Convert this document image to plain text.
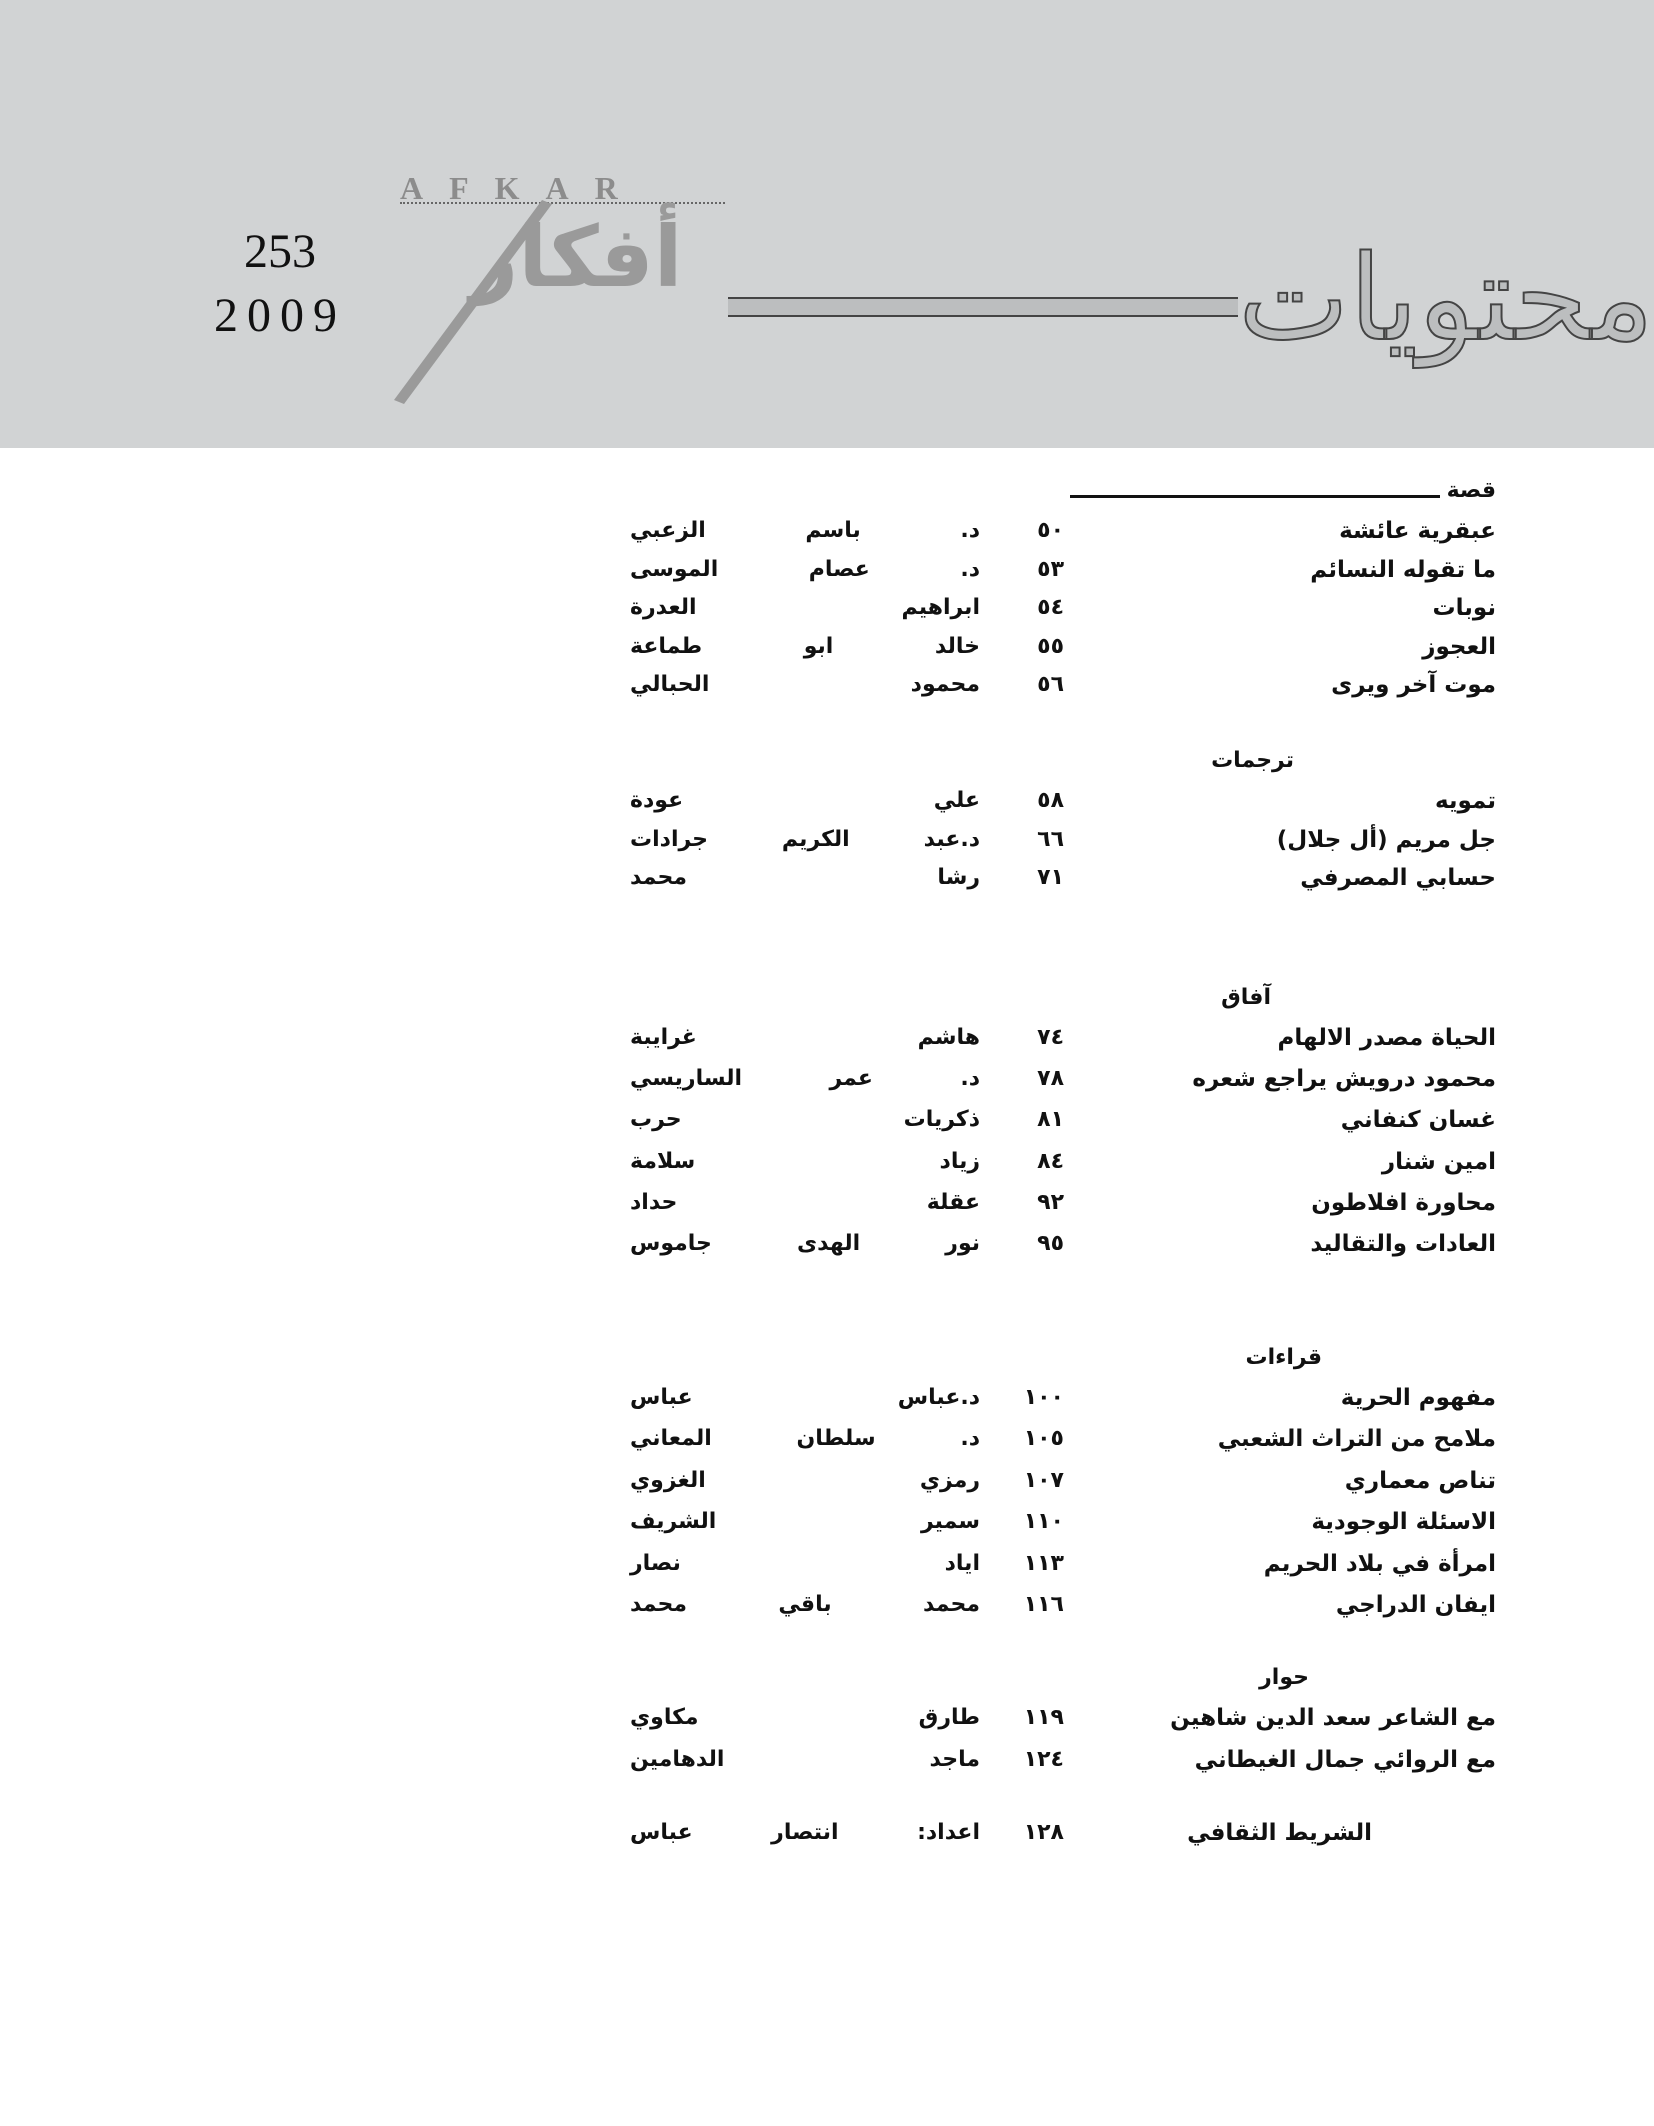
253
2009
AFKAR
أفكار	محتويات
قصة
عبقرية عائشة
٥٠
د. باسم الزعبي
ما تقوله النسائم
٥٣
د. عصام الموسى
نوبات
٥٤
ابراهيم العدرة
العجوز
٥٥
خالد ابو طماعة
موت آخر ويرى
٥٦
محمود الحبالي
ترجمات
تمويه
٥٨
علي عودة
جل مريم (أل جلال)
٦٦
د.عبد الكريم جرادات
حسابي المصرفي
٧١
رشا محمد
آفاق
الحياة مصدر الالهام
٧٤
هاشم غرايبة
محمود درويش يراجع شعره
٧٨
د. عمر الساريسي
غسان كنفاني
٨١
ذكريات حرب
امين شنار
٨٤
زياد سلامة
محاورة افلاطون
٩٢
عقلة حداد
العادات والتقاليد
٩٥
نور الهدى جاموس
قراءات
مفهوم الحرية
١٠٠
د.عباس عباس
ملامح من التراث الشعبي
١٠٥
د. سلطان المعاني
تناص معماري
١٠٧
رمزي الغزوي
الاسئلة الوجودية
١١٠
سمير الشريف
امرأة في بلاد الحريم
١١٣
اياد نصار
ايفان الدراجي
١١٦
محمد باقي محمد
حوار
مع الشاعر سعد الدين شاهين
١١٩
طارق مكاوي
مع الروائي جمال الغيطاني
١٢٤
ماجد الدهامين
الشريط الثقافي
١٢٨
اعداد: انتصار عباس
